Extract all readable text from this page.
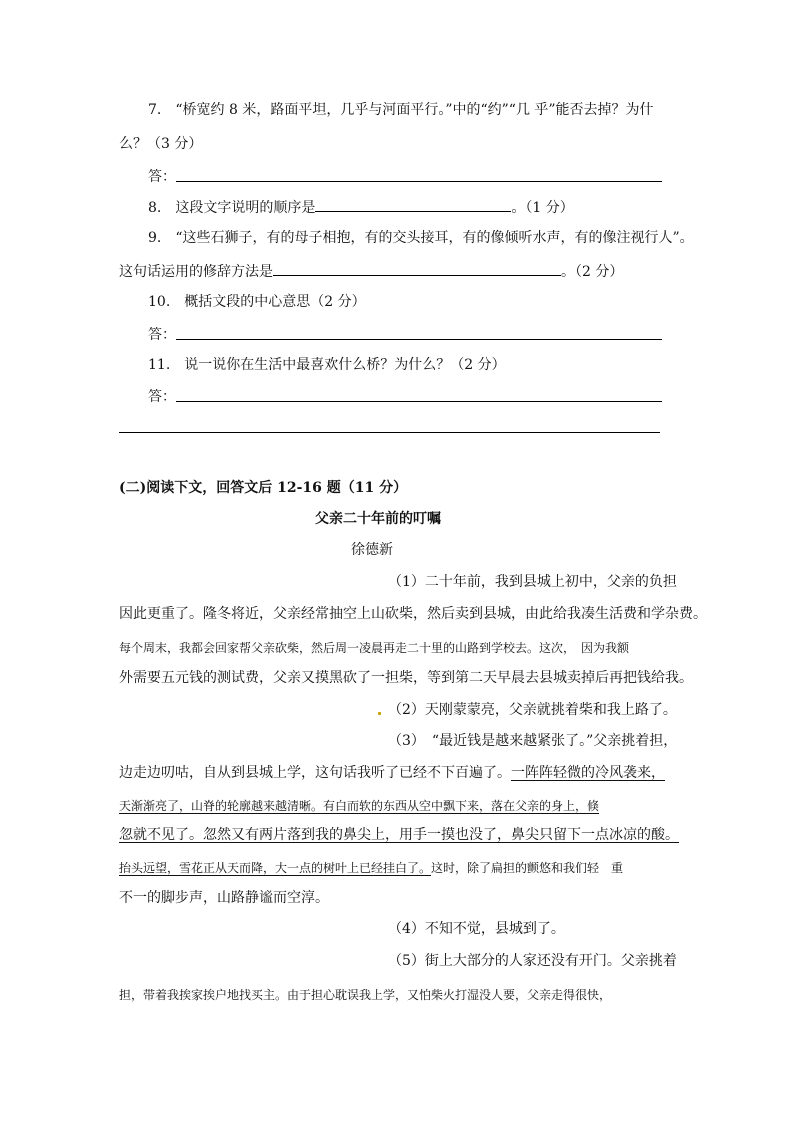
7.　“桥宽约 8 米，路面平坦，几乎与河面平行。”中的“约”“几 乎”能否去掉？为什
么？（3 分）
答：
8.　这段文字说明的顺序是	。（1 分）
9.　“这些石狮子，有的母子相抱，有的交头接耳，有的像倾听水声，有的像注视行人”。
这句话运用的修辞方法是	。（2 分）
10.　概括文段的中心意思（2 分）
答：
11.　说一说你在生活中最喜欢什么桥？为什么？（2 分）
答：
(二)阅读下文，回答文后 12-16 题（11 分）
父亲二十年前的叮嘱
徐德新
（1）二十年前，我到县城上初中，父亲的负担
因此更重了。隆冬将近，父亲经常抽空上山砍柴，然后卖到县城，由此给我凑生活费和学杂费。
每个周末，我都会回家帮父亲砍柴，然后周一凌晨再走二十里的山路到学校去。这次，　因为我额
外需要五元钱的测试费，父亲又摸黑砍了一担柴，等到第二天早晨去县城卖掉后再把钱给我。
（2）天刚蒙蒙亮，父亲就挑着柴和我上路了。
（3）　“最近钱是越来越紧张了。”父亲挑着担，
边走边叨咕，自从到县城上学，这句话我听了已经不下百遍了。一阵阵轻微的冷风袭来，
天渐渐亮了，山脊的轮廓越来越清晰。有白而软的东西从空中飘下来，落在父亲的身上，倏
忽就不见了。忽然又有两片落到我的鼻尖上，用手一摸也没了，鼻尖只留下一点冰凉的酸。
抬头远望，雪花正从天而降，大一点的树叶上已经挂白了。这时，除了扁担的颤悠和我们轻　重
不一的脚步声，山路静谧而空淳。
（4）不知不觉，县城到了。
（5）街上大部分的人家还没有开门。父亲挑着
担，带着我挨家挨户地找买主。由于担心耽误我上学，又怕柴火打湿没人要，父亲走得很快，
